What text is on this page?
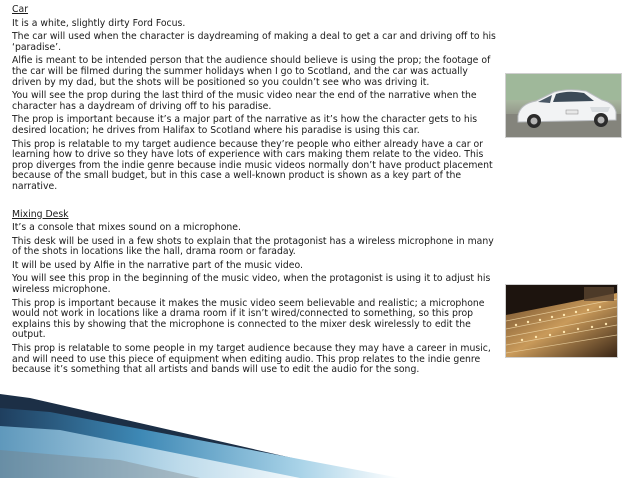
Car

It is a white, slightly dirty Ford Focus.

The car will used when the character is daydreaming of making a deal to get a car and driving off to his ‘paradise’.

Alfie is meant to be intended person that the audience should believe is using the prop; the footage of the car will be filmed during the summer holidays when I go to Scotland, and the car was actually driven by my dad, but the shots will be positioned so you couldn’t see who was driving it.

You will see the prop during the last third of the music video near the end of the narrative when the character has a daydream of driving off to his paradise.

The prop is important because it’s a major part of the narrative as it’s how the character gets to his desired location; he drives from Halifax to Scotland where his paradise is using this car.

This prop is relatable to my target audience because they’re people who either already have a car or learning how to drive so they have lots of experience with cars making them relate to the video. This prop diverges from the indie genre because indie music videos normally don’t have product placement because of the small budget, but in this case a well-known product is shown as a key part of the narrative.

Mixing Desk

It’s a console that mixes sound on a microphone.

This desk will be used in a few shots to explain that the protagonist has a wireless microphone in many of the shots in locations like the hall, drama room or faraday.

It will be used by Alfie in the narrative part of the music video.

You will see this prop in the beginning of the music video, when the protagonist is using it to adjust his wireless microphone.

This prop is important because it makes the music video seem believable and realistic; a microphone would not work in locations like a drama room if it isn’t wired/connected to something, so this prop explains this by showing that the microphone is connected to the mixer desk wirelessly to edit the output.

This prop is relatable to some people in my target audience because they may have a career in music, and will need to use this piece of equipment when editing audio. This prop relates to the indie genre because it’s something that all artists and bands will use to edit the audio for the song.
